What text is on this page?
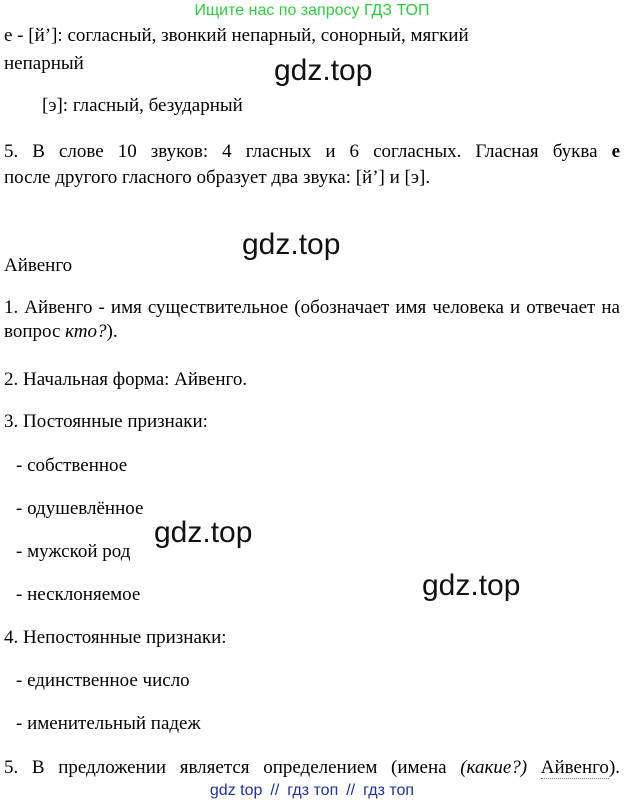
Ищите нас по запросу ГДЗ ТОП
е - [й’]: согласный, звонкий непарный, сонорный, мягкий
непарный
[э]: гласный, безударный
5. В слове 10 звуков: 4 гласных и 6 согласных. Гласная буква е
после другого гласного образует два звука: [й’] и [э].
Айвенго
1. Айвенго - имя существительное (обозначает имя человека и отвечает на вопрос кто?).
2. Начальная форма: Айвенго.
3. Постоянные признаки:
- собственное
- одушевлённое
- мужской род
- несклоняемое
4. Непостоянные признаки:
- единственное число
- именительный падеж
5. В предложении является определением (имена (какие?) Айвенго).
gdz.top
gdz.top
gdz.top
gdz.top
gdz top // гдз топ // гдз топ
